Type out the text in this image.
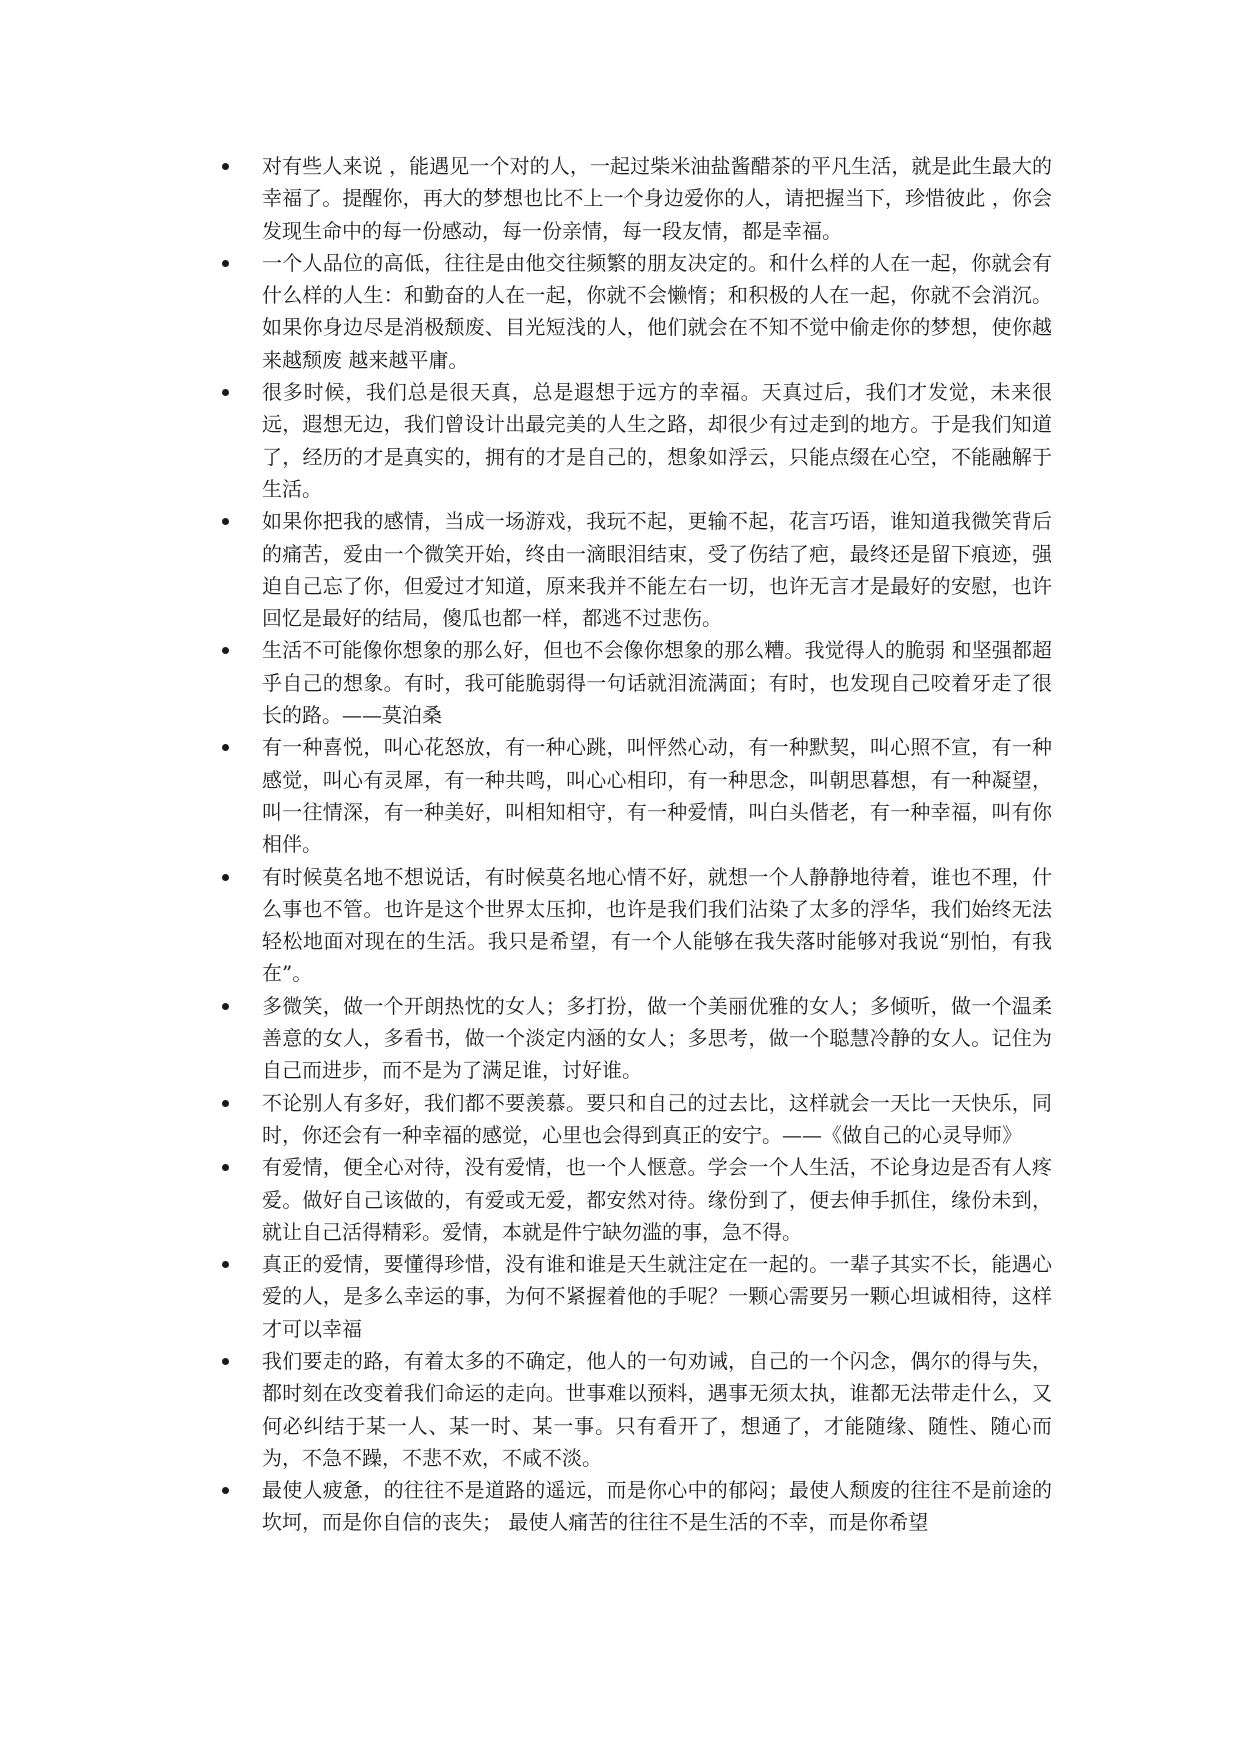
对有些人来说 ，能遇见一个对的人，一起过柴米油盐酱醋茶的平凡生活，就是此生最大的幸福了。提醒你，再大的梦想也比不上一个身边爱你的人，请把握当下，珍惜彼此 ，你会发现生命中的每一份感动，每一份亲情，每一段友情，都是幸福。
一个人品位的高低，往往是由他交往频繁的朋友决定的。和什么样的人在一起，你就会有什么样的人生：和勤奋的人在一起，你就不会懒惰；和积极的人在一起，你就不会消沉。如果你身边尽是消极颓废、目光短浅的人，他们就会在不知不觉中偷走你的梦想，使你越来越颓废 越来越平庸。
很多时候，我们总是很天真，总是遐想于远方的幸福。天真过后，我们才发觉，未来很远，遐想无边，我们曾设计出最完美的人生之路，却很少有过走到的地方。于是我们知道了，经历的才是真实的，拥有的才是自己的，想象如浮云，只能点缀在心空，不能融解于生活。
如果你把我的感情，当成一场游戏，我玩不起，更输不起，花言巧语，谁知道我微笑背后的痛苦，爱由一个微笑开始，终由一滴眼泪结束，受了伤结了疤，最终还是留下痕迹，强迫自己忘了你，但爱过才知道，原来我并不能左右一切，也许无言才是最好的安慰，也许回忆是最好的结局，傻瓜也都一样，都逃不过悲伤。
生活不可能像你想象的那么好，但也不会像你想象的那么糟。我觉得人的脆弱 和坚强都超乎自己的想象。有时，我可能脆弱得一句话就泪流满面；有时，也发现自己咬着牙走了很长的路。——莫泊桑
有一种喜悦，叫心花怒放，有一种心跳，叫怦然心动，有一种默契，叫心照不宣，有一种感觉，叫心有灵犀，有一种共鸣，叫心心相印，有一种思念，叫朝思暮想，有一种凝望，叫一往情深，有一种美好，叫相知相守，有一种爱情，叫白头偕老，有一种幸福，叫有你相伴。
有时候莫名地不想说话，有时候莫名地心情不好，就想一个人静静地待着，谁也不理，什么事也不管。也许是这个世界太压抑，也许是我们我们沾染了太多的浮华，我们始终无法轻松地面对现在的生活。我只是希望，有一个人能够在我失落时能够对我说“别怕，有我在”。
多微笑，做一个开朗热忱的女人；多打扮，做一个美丽优雅的女人；多倾听，做一个温柔善意的女人，多看书，做一个淡定内涵的女人；多思考，做一个聪慧冷静的女人。记住为自己而进步，而不是为了满足谁，讨好谁。
不论别人有多好，我们都不要羡慕。要只和自己的过去比，这样就会一天比一天快乐，同时，你还会有一种幸福的感觉，心里也会得到真正的安宁。——《做自己的心灵导师》
有爱情，便全心对待，没有爱情，也一个人惬意。学会一个人生活，不论身边是否有人疼爱。做好自己该做的，有爱或无爱，都安然对待。缘份到了，便去伸手抓住，缘份未到，就让自己活得精彩。爱情，本就是件宁缺勿滥的事，急不得。
真正的爱情，要懂得珍惜，没有谁和谁是天生就注定在一起的。一辈子其实不长，能遇心爱的人，是多么幸运的事，为何不紧握着他的手呢？一颗心需要另一颗心坦诚相待，这样才可以幸福
我们要走的路，有着太多的不确定，他人的一句劝诫，自己的一个闪念，偶尔的得与失，都时刻在改变着我们命运的走向。世事难以预料，遇事无须太执，谁都无法带走什么，又何必纠结于某一人、某一时、某一事。只有看开了，想通了，才能随缘、随性、随心而为，不急不躁，不悲不欢，不咸不淡。
最使人疲惫，的往往不是道路的遥远，而是你心中的郁闷；最使人颓废的往往不是前途的坎坷，而是你自信的丧失； 最使人痛苦的往往不是生活的不幸，而是你希望
